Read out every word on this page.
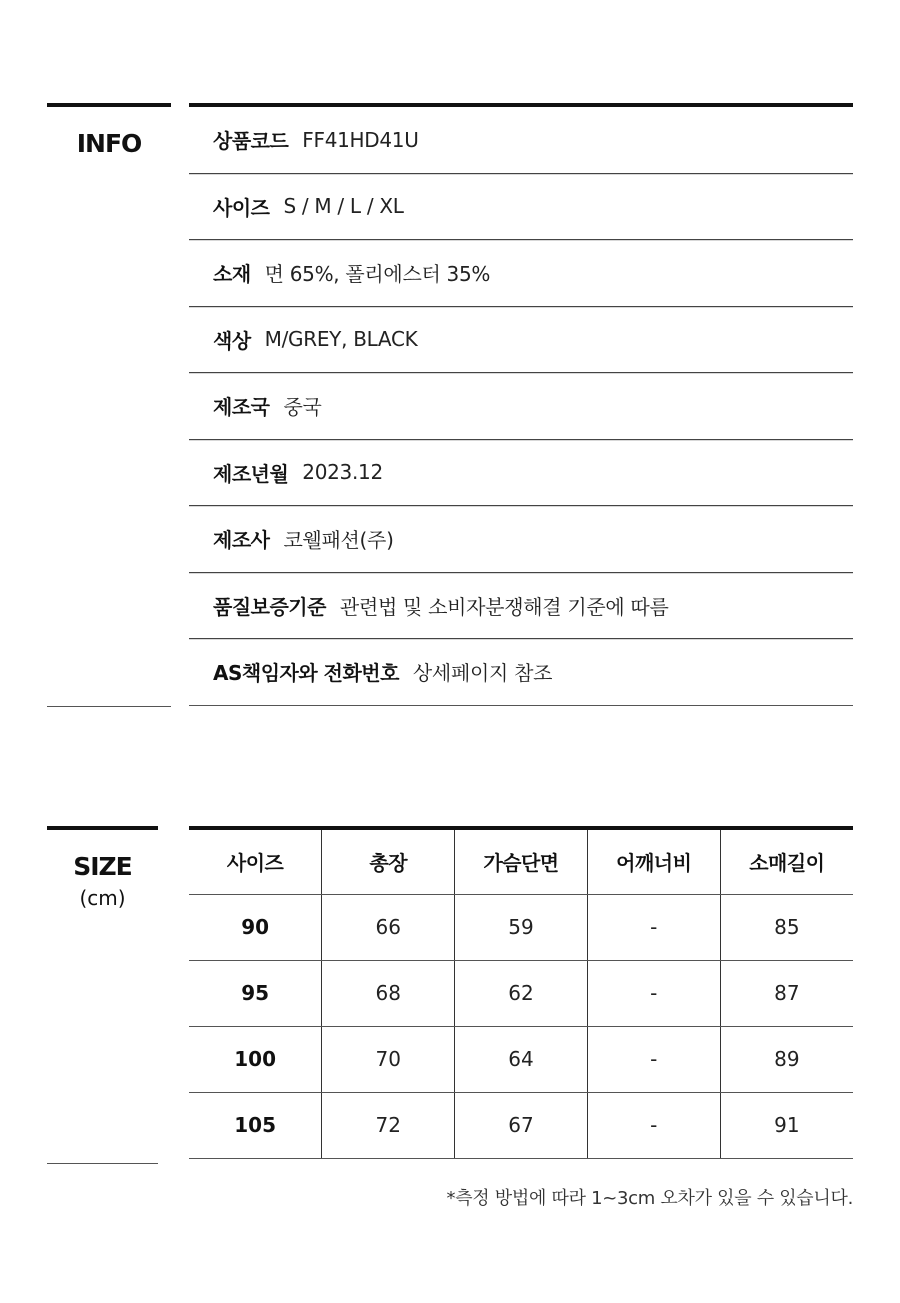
INFO	상품코드 FF41HD41U
사이즈 S / M / L / XL
소재 면 65%, 폴리에스터 35%
색상 M/GREY, BLACK
제조국 중국
제조년월 2023.12
제조사 코웰패션(주)
품질보증기준 관련법 및 소비자분쟁해결 기준에 따름
AS책임자와 전화번호 상세페이지 참조
SIZE
(cm)
사이즈	총장	가슴단면	어깨너비	소매길이
90	66	59	-	85
95	68	62	-	87
100	70	64	-	89
105	72	67	-	91
*측정 방법에 따라 1~3cm 오차가 있을 수 있습니다.
